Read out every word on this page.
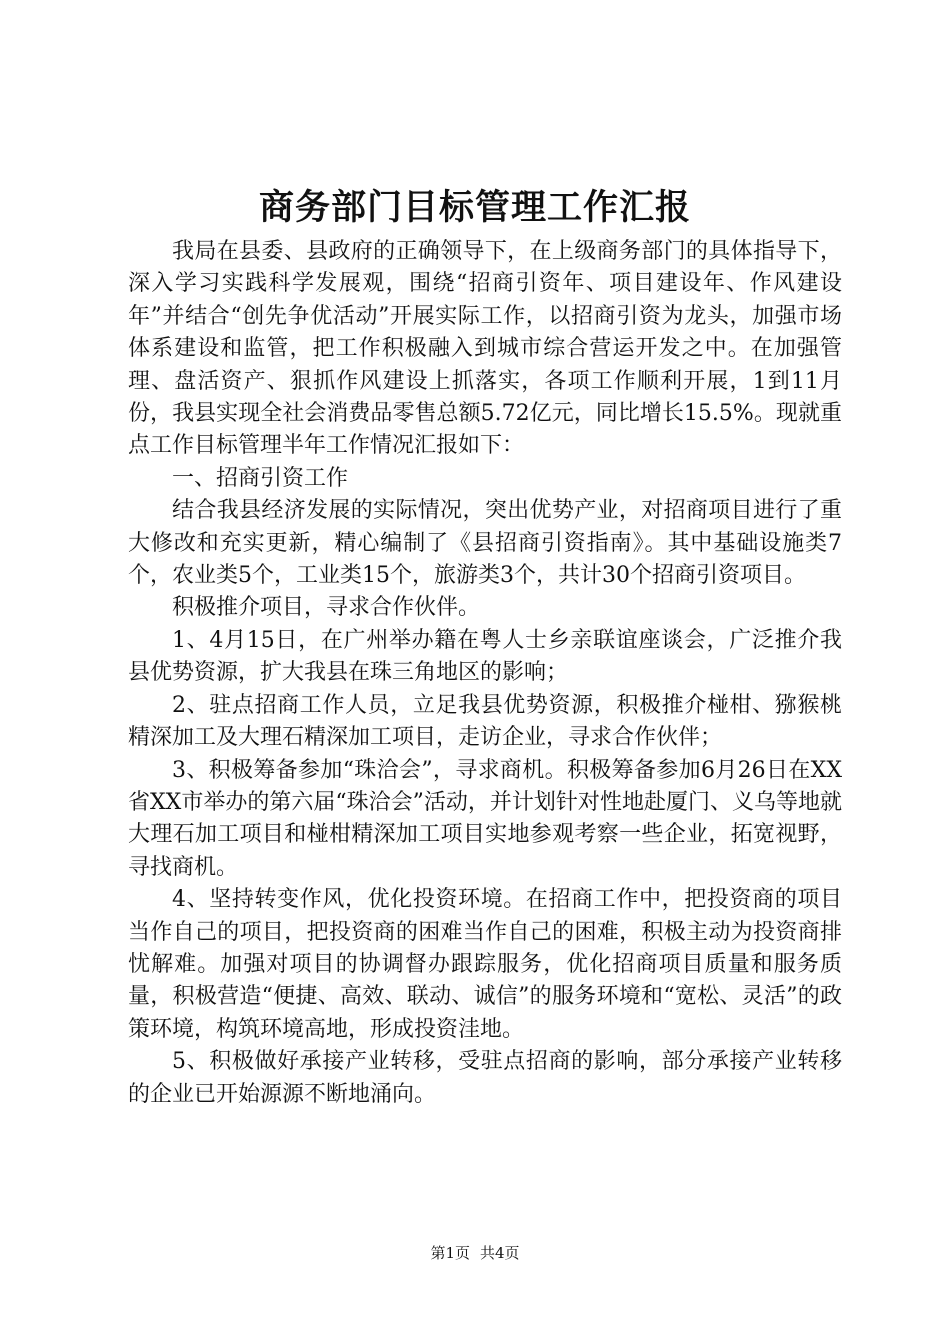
商务部门目标管理工作汇报

我局在县委、县政府的正确领导下，在上级商务部门的具体指导下，深入学习实践科学发展观，围绕“招商引资年、项目建设年、作风建设年”并结合“创先争优活动”开展实际工作，以招商引资为龙头，加强市场体系建设和监管，把工作积极融入到城市综合营运开发之中。在加强管理、盘活资产、狠抓作风建设上抓落实，各项工作顺利开展，1到11月份，我县实现全社会消费品零售总额5.72亿元，同比增长15.5%。现就重点工作目标管理半年工作情况汇报如下：

一、招商引资工作

结合我县经济发展的实际情况，突出优势产业，对招商项目进行了重大修改和充实更新，精心编制了《县招商引资指南》。其中基础设施类7个，农业类5个，工业类15个，旅游类3个，共计30个招商引资项目。

积极推介项目，寻求合作伙伴。

1、4月15日，在广州举办籍在粤人士乡亲联谊座谈会，广泛推介我县优势资源，扩大我县在珠三角地区的影响；

2、驻点招商工作人员，立足我县优势资源，积极推介椪柑、猕猴桃精深加工及大理石精深加工项目，走访企业，寻求合作伙伴；

3、积极筹备参加“珠洽会”，寻求商机。积极筹备参加6月26日在XX省XX市举办的第六届“珠洽会”活动，并计划针对性地赴厦门、义乌等地就大理石加工项目和椪柑精深加工项目实地参观考察一些企业，拓宽视野，寻找商机。

4、坚持转变作风，优化投资环境。在招商工作中，把投资商的项目当作自己的项目，把投资商的困难当作自己的困难，积极主动为投资商排忧解难。加强对项目的协调督办跟踪服务，优化招商项目质量和服务质量，积极营造“便捷、高效、联动、诚信”的服务环境和“宽松、灵活”的政策环境，构筑环境高地，形成投资洼地。

5、积极做好承接产业转移，受驻点招商的影响，部分承接产业转移的企业已开始源源不断地涌向。

第1页 共4页
